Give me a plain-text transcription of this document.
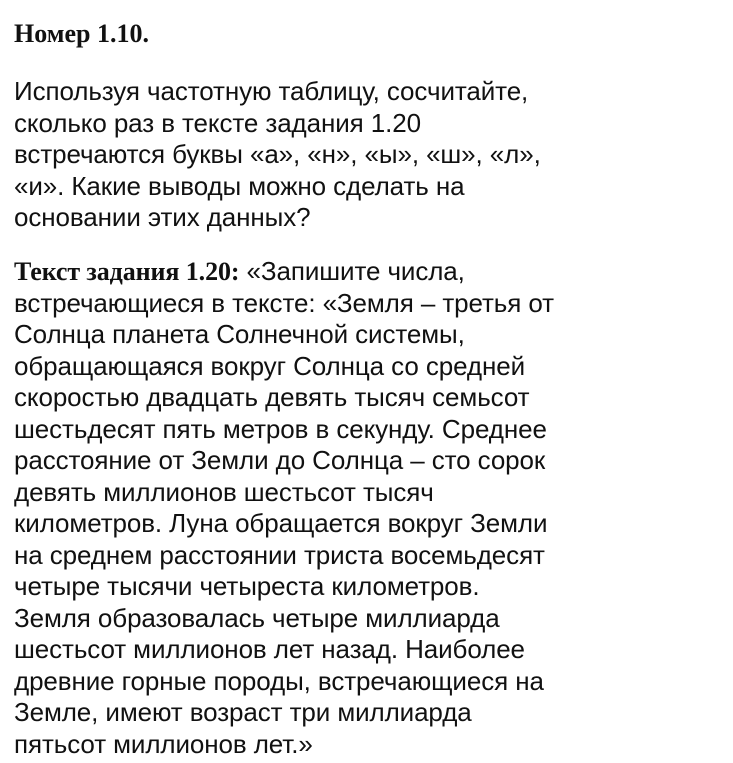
Номер 1.10.
Используя частотную таблицу, сосчитайте,
сколько раз в тексте задания 1.20
встречаются буквы «а», «н», «ы», «ш», «л»,
«и». Какие выводы можно сделать на
основании этих данных?
Текст задания 1.20: «Запишите числа,
встречающиеся в тексте: «Земля – третья от
Солнца планета Солнечной системы,
обращающаяся вокруг Солнца со средней
скоростью двадцать девять тысяч семьсот
шестьдесят пять метров в секунду. Среднее
расстояние от Земли до Солнца – сто сорок
девять миллионов шестьсот тысяч
километров. Луна обращается вокруг Земли
на среднем расстоянии триста восемьдесят
четыре тысячи четыреста километров.
Земля образовалась четыре миллиарда
шестьсот миллионов лет назад. Наиболее
древние горные породы, встречающиеся на
Земле, имеют возраст три миллиарда
пятьсот миллионов лет.»
